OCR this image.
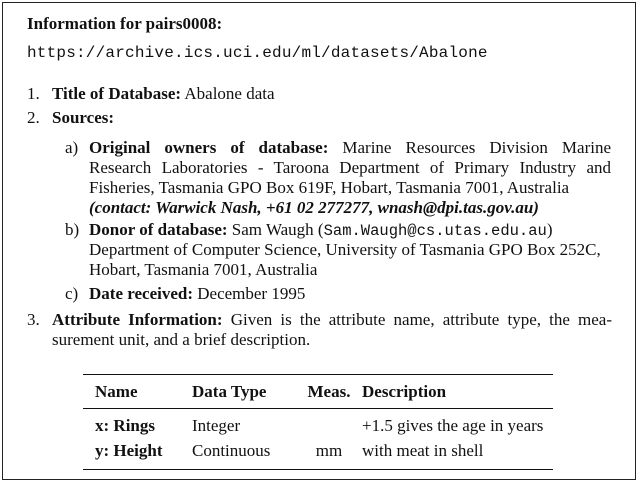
Information for pairs0008:
https://archive.ics.uci.edu/ml/datasets/Abalone
1. Title of Database: Abalone data
2. Sources:
a) Original owners of database: Marine Resources Division Marine
Research Laboratories - Taroona Department of Primary Industry and
Fisheries, Tasmania GPO Box 619F, Hobart, Tasmania 7001, Australia
(contact: Warwick Nash, +61 02 277277, wnash@dpi.tas.gov.au)
b) Donor of database: Sam Waugh (Sam.Waugh@cs.utas.edu.au)
Department of Computer Science, University of Tasmania GPO Box 252C,
Hobart, Tasmania 7001, Australia
c) Date received: December 1995
3. Attribute Information: Given is the attribute name, attribute type, the mea-
surement unit, and a brief description.
Name	Data Type	Meas.	Description
x: Rings	Integer		+1.5 gives the age in years
y: Height	Continuous	mm	with meat in shell
